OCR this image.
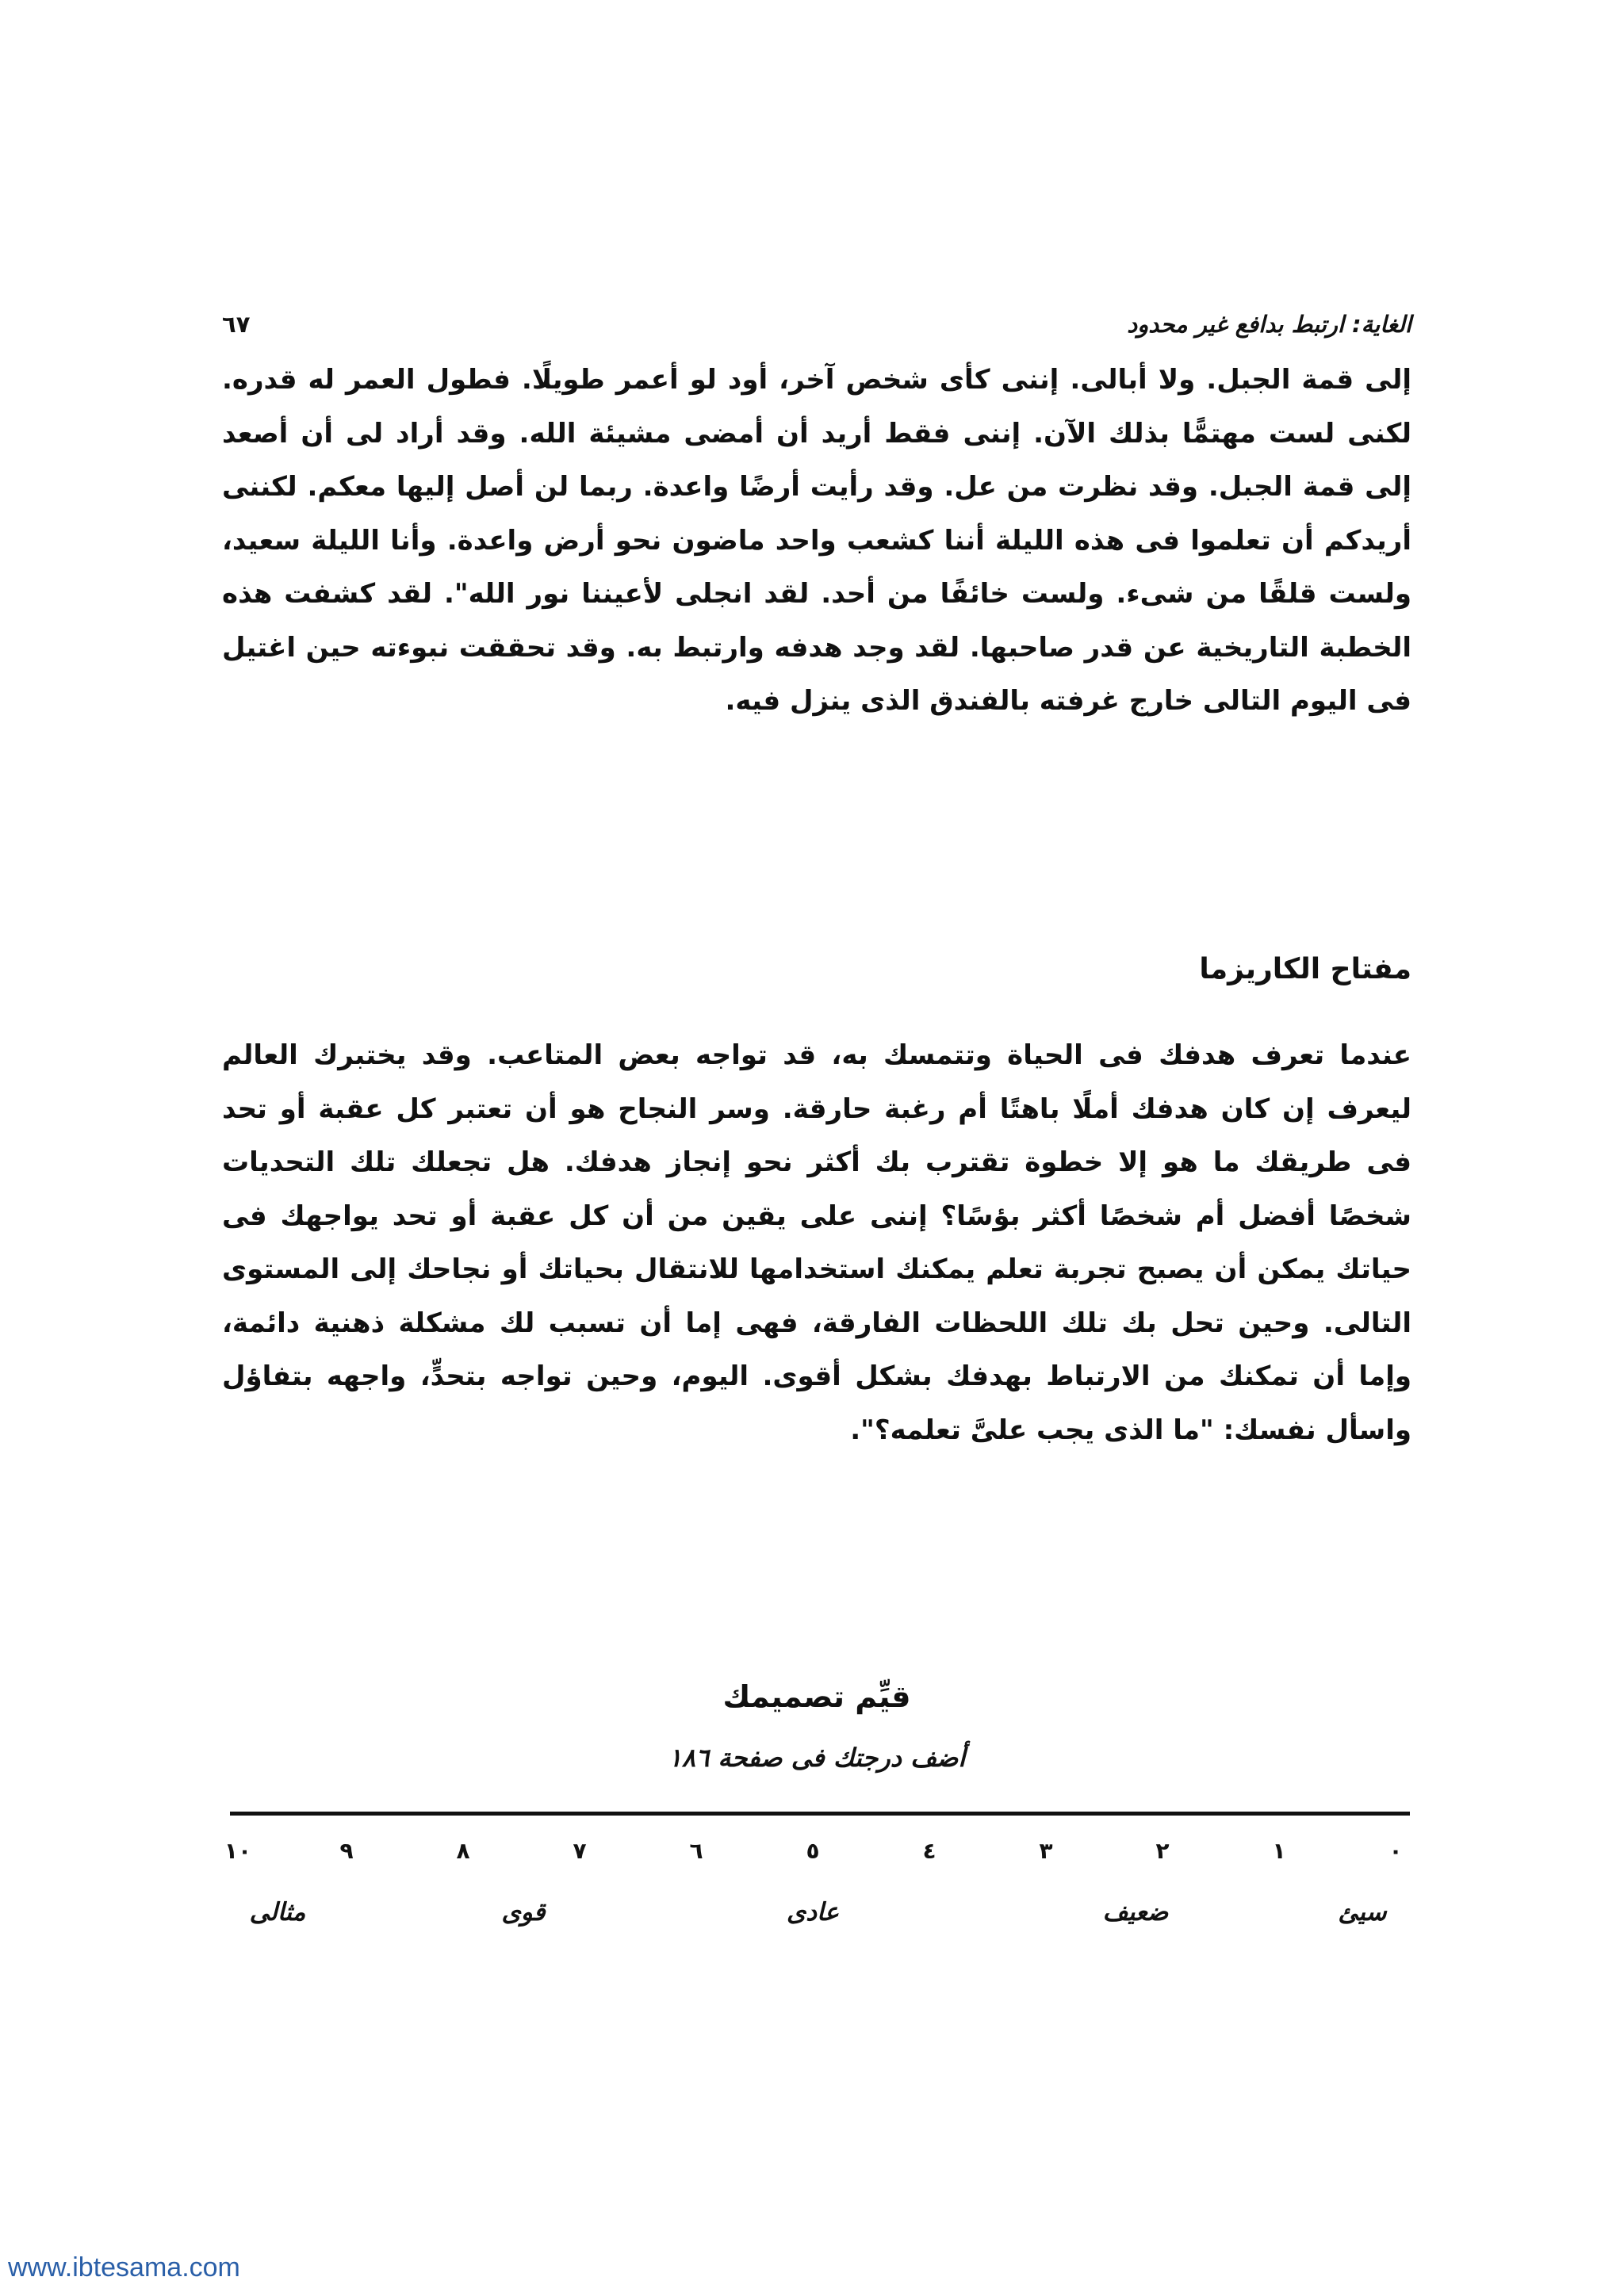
الغاية: ارتبط بدافع غير محدود
٦٧

إلى قمة الجبل. ولا أبالى. إننى كأى شخص آخر، أود لو أعمر طويلًا. فطول العمر له قدره. لكنى لست مهتمًّا بذلك الآن. إننى فقط أريد أن أمضى مشيئة الله. وقد أراد لى أن أصعد إلى قمة الجبل. وقد نظرت من عل. وقد رأيت أرضًا واعدة. ربما لن أصل إليها معكم. لكننى أريدكم أن تعلموا فى هذه الليلة أننا كشعب واحد ماضون نحو أرض واعدة. وأنا الليلة سعيد، ولست قلقًا من شىء. ولست خائفًا من أحد. لقد انجلى لأعيننا نور الله". لقد كشفت هذه الخطبة التاريخية عن قدر صاحبها. لقد وجد هدفه وارتبط به. وقد تحققت نبوءته حين اغتيل فى اليوم التالى خارج غرفته بالفندق الذى ينزل فيه.

مفتاح الكاريزما

عندما تعرف هدفك فى الحياة وتتمسك به، قد تواجه بعض المتاعب. وقد يختبرك العالم ليعرف إن كان هدفك أملًا باهتًا أم رغبة حارقة. وسر النجاح هو أن تعتبر كل عقبة أو تحد فى طريقك ما هو إلا خطوة تقترب بك أكثر نحو إنجاز هدفك. هل تجعلك تلك التحديات شخصًا أفضل أم شخصًا أكثر بؤسًا؟ إننى على يقين من أن كل عقبة أو تحد يواجهك فى حياتك يمكن أن يصبح تجربة تعلم يمكنك استخدامها للانتقال بحياتك أو نجاحك إلى المستوى التالى. وحين تحل بك تلك اللحظات الفارقة، فهى إما أن تسبب لك مشكلة ذهنية دائمة، وإما أن تمكنك من الارتباط بهدفك بشكل أقوى. اليوم، وحين تواجه بتحدٍّ، واجهه بتفاؤل واسأل نفسك: "ما الذى يجب علىَّ تعلمه؟".

قيِّم تصميمك
أضف درجتك فى صفحة ١٨٦
٠
١
٢
٣
٤
٥
٦
٧
٨
٩
١٠
سيئ
ضعيف
عادى
قوى
مثالى
www.ibtesama.com
